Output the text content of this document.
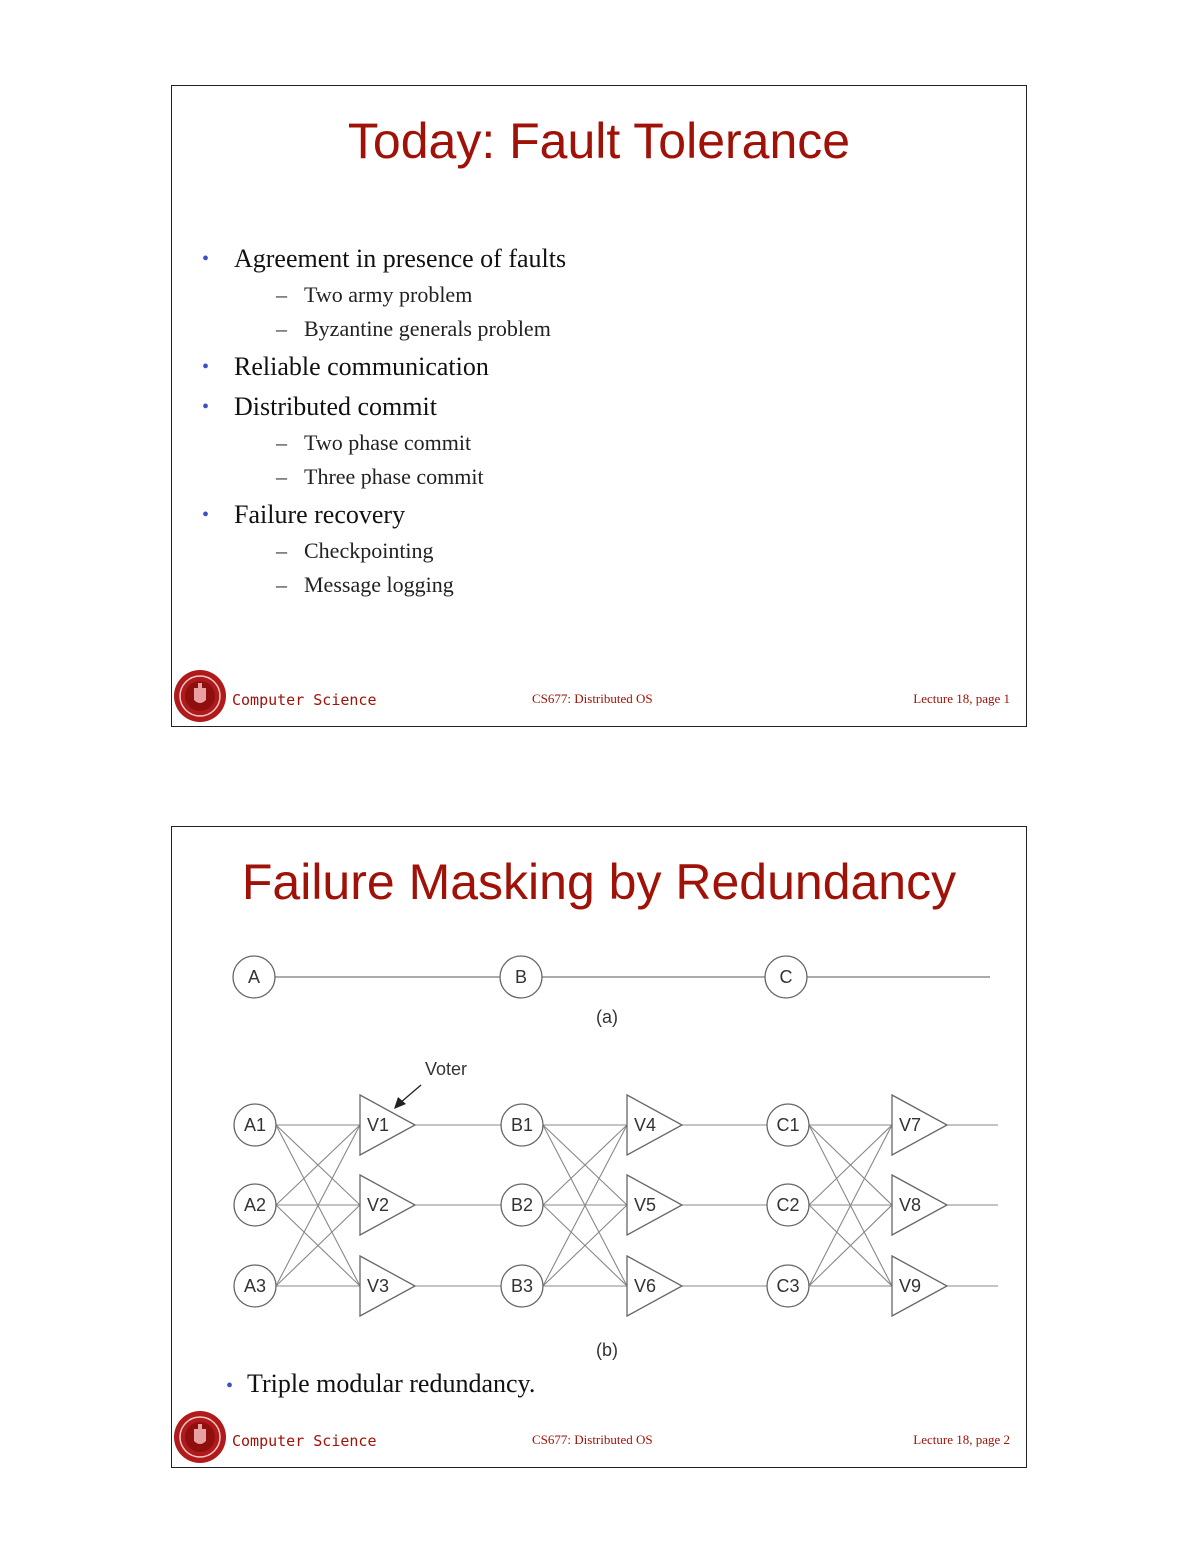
Today: Fault Tolerance
• Agreement in presence of faults
– Two army problem
– Byzantine generals problem
• Reliable communication
• Distributed commit
– Two phase commit
– Three phase commit
• Failure recovery
– Checkpointing
– Message logging
Computer Science	CS677: Distributed OS	Lecture 18, page 1
Failure Masking by Redundancy
A	B	C
(a)
Voter
A1	V1
A2	V2
A3	V3
B1	V4
B2	V5
B3	V6
C1	V7
C2	V8
C3	V9
(b)
• Triple modular redundancy.
Computer Science	CS677: Distributed OS	Lecture 18, page 2
